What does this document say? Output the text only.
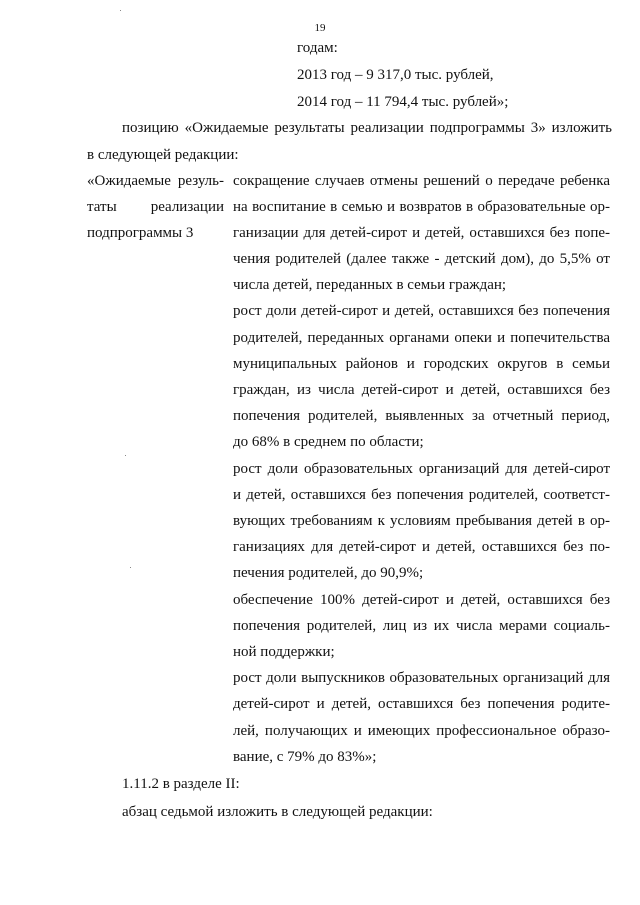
19
годам:
2013 год – 9 317,0 тыс. рублей,
2014 год – 11 794,4 тыс. рублей»;
позицию «Ожидаемые результаты реализации подпрограммы 3» изложить
в следующей редакции:
«Ожидаемые резуль-
таты реализации
подпрограммы 3
сокращение случаев отмены решений о передаче ребенка
на воспитание в семью и возвратов в образовательные ор-
ганизации для детей-сирот и детей, оставшихся без попе-
чения родителей (далее также - детский дом), до 5,5% от
числа детей, переданных в семьи граждан;
рост доли детей-сирот и детей, оставшихся без попечения
родителей, переданных органами опеки и попечительства
муниципальных районов и городских округов в семьи
граждан, из числа детей-сирот и детей, оставшихся без
попечения родителей, выявленных за отчетный период,
до 68% в среднем по области;
рост доли образовательных организаций для детей-сирот
и детей, оставшихся без попечения родителей, соответст-
вующих требованиям к условиям пребывания детей в ор-
ганизациях для детей-сирот и детей, оставшихся без по-
печения родителей, до 90,9%;
обеспечение 100% детей-сирот и детей, оставшихся без
попечения родителей, лиц из их числа мерами социаль-
ной поддержки;
рост доли выпускников образовательных организаций для
детей-сирот и детей, оставшихся без попечения родите-
лей, получающих и имеющих профессиональное образо-
вание, с 79% до 83%»;
1.11.2 в разделе II:
абзац седьмой изложить в следующей редакции:
